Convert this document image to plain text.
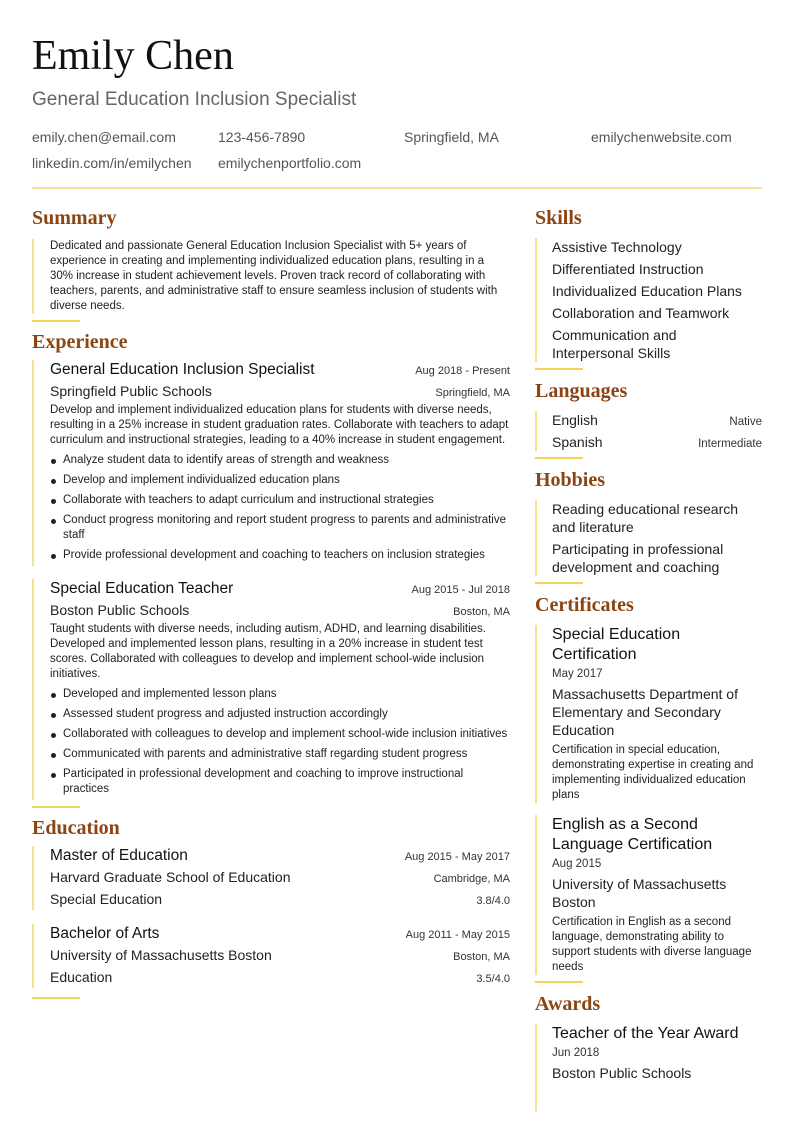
Emily Chen
General Education Inclusion Specialist
emily.chen@email.com	123-456-7890	Springfield, MA	emilychenwebsite.com
linkedin.com/in/emilychen emilychenportfolio.com
Summary
Dedicated and passionate General Education Inclusion Specialist with 5+ years of experience in creating and implementing individualized education plans, resulting in a 30% increase in student achievement levels. Proven track record of collaborating with teachers, parents, and administrative staff to ensure seamless inclusion of students with diverse needs.
Experience
General Education Inclusion Specialist	Aug 2018 - Present
Springfield Public Schools	Springfield, MA
Develop and implement individualized education plans for students with diverse needs, resulting in a 25% increase in student graduation rates. Collaborate with teachers to adapt curriculum and instructional strategies, leading to a 40% increase in student engagement.
Analyze student data to identify areas of strength and weakness
Develop and implement individualized education plans
Collaborate with teachers to adapt curriculum and instructional strategies
Conduct progress monitoring and report student progress to parents and administrative staff
Provide professional development and coaching to teachers on inclusion strategies
Special Education Teacher	Aug 2015 - Jul 2018
Boston Public Schools	Boston, MA
Taught students with diverse needs, including autism, ADHD, and learning disabilities. Developed and implemented lesson plans, resulting in a 20% increase in student test scores. Collaborated with colleagues to develop and implement school-wide inclusion initiatives.
Developed and implemented lesson plans
Assessed student progress and adjusted instruction accordingly
Collaborated with colleagues to develop and implement school-wide inclusion initiatives
Communicated with parents and administrative staff regarding student progress
Participated in professional development and coaching to improve instructional practices
Education
Master of Education	Aug 2015 - May 2017
Harvard Graduate School of Education	Cambridge, MA
Special Education	3.8/4.0
Bachelor of Arts	Aug 2011 - May 2015
University of Massachusetts Boston	Boston, MA
Education	3.5/4.0
Skills
Assistive Technology
Differentiated Instruction
Individualized Education Plans
Collaboration and Teamwork
Communication and Interpersonal Skills
Languages
English	Native
Spanish	Intermediate
Hobbies
Reading educational research and literature
Participating in professional development and coaching
Certificates
Special Education Certification
May 2017
Massachusetts Department of Elementary and Secondary Education
Certification in special education, demonstrating expertise in creating and implementing individualized education plans
English as a Second Language Certification
Aug 2015
University of Massachusetts Boston
Certification in English as a second language, demonstrating ability to support students with diverse language needs
Awards
Teacher of the Year Award
Jun 2018
Boston Public Schools
